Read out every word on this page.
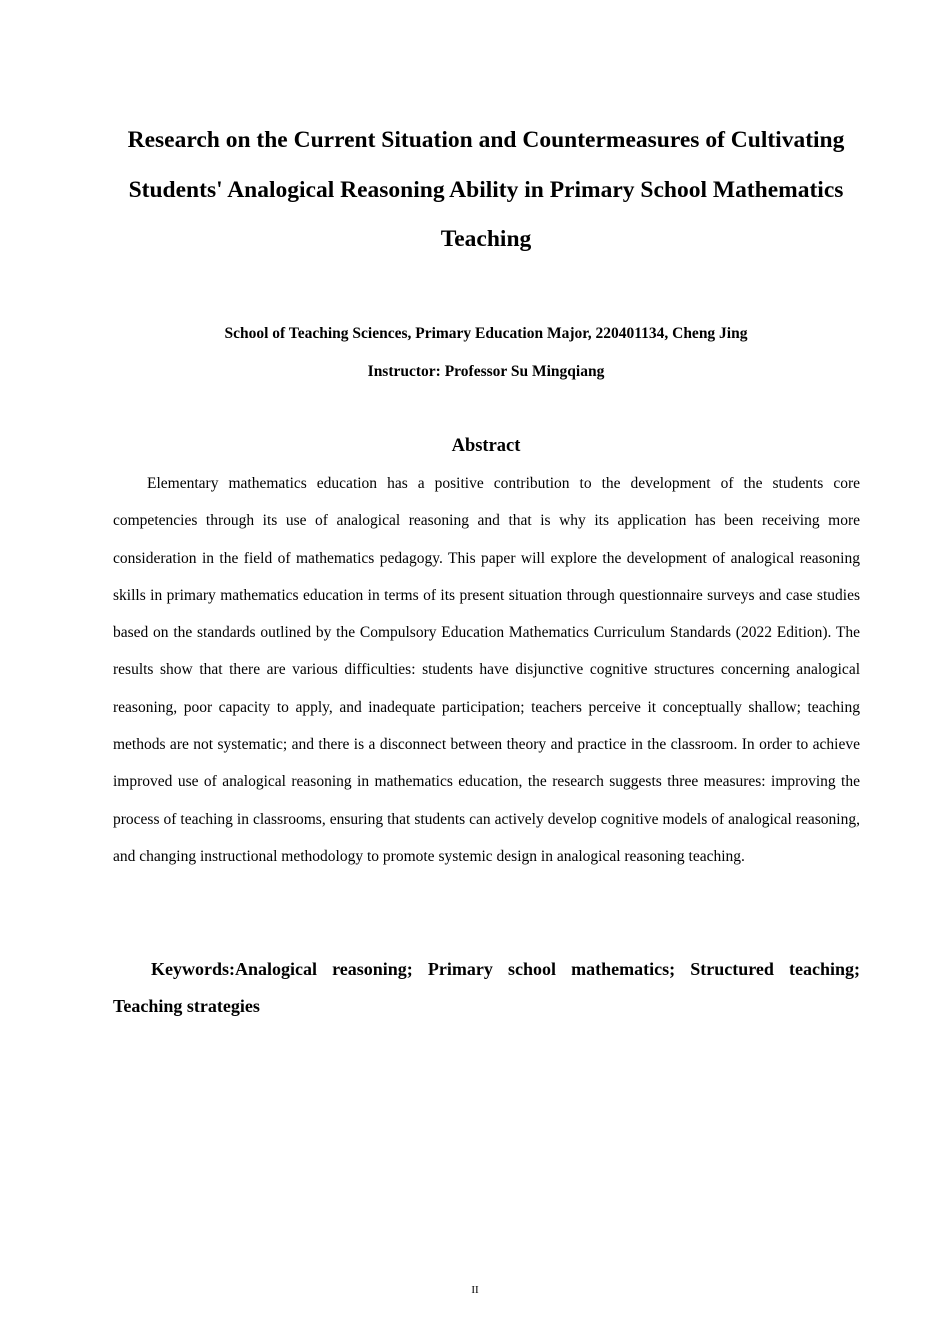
Research on the Current Situation and Countermeasures of Cultivating Students' Analogical Reasoning Ability in Primary School Mathematics Teaching

School of Teaching Sciences, Primary Education Major, 220401134, Cheng Jing

Instructor: Professor Su Mingqiang

Abstract

Elementary mathematics education has a positive contribution to the development of the students core competencies through its use of analogical reasoning and that is why its application has been receiving more consideration in the field of mathematics pedagogy. This paper will explore the development of analogical reasoning skills in primary mathematics education in terms of its present situation through questionnaire surveys and case studies based on the standards outlined by the Compulsory Education Mathematics Curriculum Standards (2022 Edition). The results show that there are various difficulties: students have disjunctive cognitive structures concerning analogical reasoning, poor capacity to apply, and inadequate participation; teachers perceive it conceptually shallow; teaching methods are not systematic; and there is a disconnect between theory and practice in the classroom. In order to achieve improved use of analogical reasoning in mathematics education, the research suggests three measures: improving the process of teaching in classrooms, ensuring that students can actively develop cognitive models of analogical reasoning, and changing instructional methodology to promote systemic design in analogical reasoning teaching.

Keywords:Analogical reasoning; Primary school mathematics; Structured teaching; Teaching strategies

II
